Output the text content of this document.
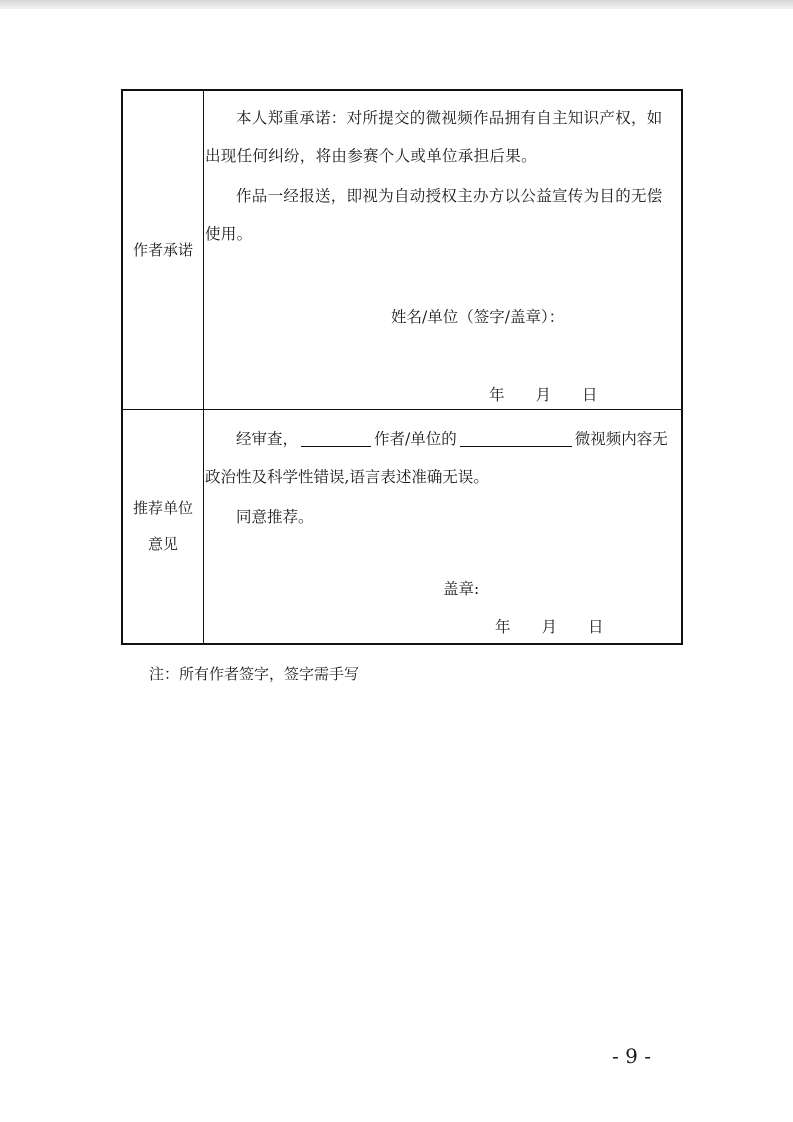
作者承诺

本人郑重承诺：对所提交的微视频作品拥有自主知识产权，如出现任何纠纷，将由参赛个人或单位承担后果。

作品一经报送，即视为自动授权主办方以公益宣传为目的无偿使用。

姓名/单位（签字/盖章）：
年　　月　　日
推荐单位
意见
经审查，	作者/单位的	微视频内容无
政治性及科学性错误,语言表述准确无误。
同意推荐。
盖章:
年　　月　　日
注：所有作者签字，签字需手写
- 9 -
